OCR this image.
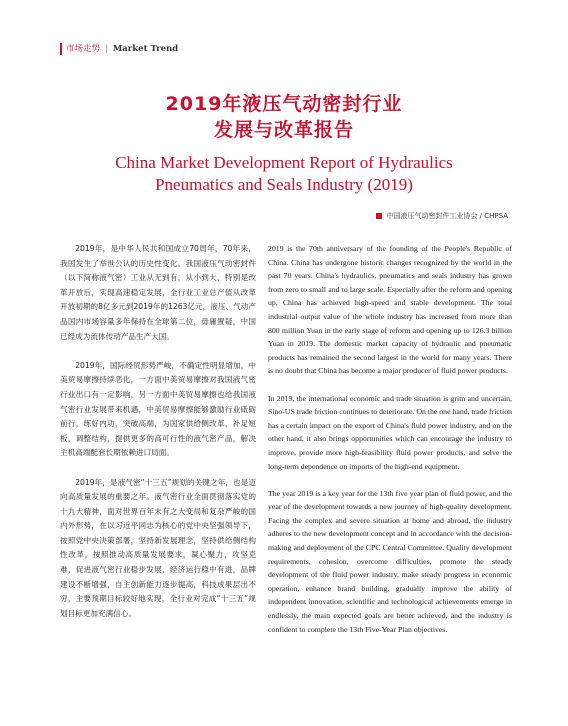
市场走势 | Market Trend
2019年液压气动密封行业
发展与改革报告
China Market Development Report of Hydraulics
Pneumatics and Seals Industry (2019)
中国液压气动密封件工业协会 / CHPSA

2019年，是中华人民共和国成立70周年，70年来，我国发生了举世公认的历史性变化。我国液压气动密封件（以下简称液气密）工业从无到有，从小到大，特别是改革开放后，实现高速稳定发展，全行业工业总产值从改革开放初期的8亿多元到2019年的1263亿元，液压、气动产品国内市场容量多年保持在全球第二位，毋庸置疑，中国已经成为流体传动产品生产大国。

2019年，国际经贸形势严峻，不确定性明显增加，中美贸易摩擦持续恶化，一方面中美贸易摩擦对我国液气密行业出口有一定影响，另一方面中美贸易摩擦也给我国液气密行业发展带来机遇，中美贸易摩擦能够激励行业砥砺前行，练好内功，突破高端，为国家供给侧改革，补足短板，调整结构，提供更多的高可行性的液气密产品，解决主机高端配套长期依赖进口局面。

2019年，是液气密“十三五”规划的关键之年，也是迈向高质量发展的重要之年。液气密行业全面贯彻落实党的十九大精神，面对世界百年未有之大变局和复杂严峻的国内外形势，在以习近平同志为核心的党中央坚强领导下，按照党中央决策部署，坚持新发展理念，坚持供给侧结构性改革，按照推动高质量发展要求，凝心聚力，攻坚克难，促进液气密行业稳步发展，经济运行稳中有进，品牌建设不断增强，自主创新能力逐步提高，科技成果层出不穷，主要预期目标较好地实现，全行业对完成“十三五”规划目标更加充满信心。

2019 is the 70th anniversary of the founding of the People's Republic of China. China has undergone historic changes recognized by the world in the past 70 years. China's hydraulics, pneumatics and seals industry has grown from zero to small and to large scale. Especially after the reform and opening up, China has achieved high-speed and stable development. The total industrial output value of the whole industry has increased from more than 800 million Yuan in the early stage of reform and opening up to 126.3 billion Yuan in 2019. The domestic market capacity of hydraulic and pneumatic products has remained the second largest in the world for many years. There is no doubt that China has become a major producer of fluid power products.

In 2019, the international economic and trade situation is grim and uncertain, Sino-US trade friction continues to deteriorate. On the one hand, trade friction has a certain impact on the export of China's fluid power industry, and on the other hand, it also brings opportunities which can encourage the industry to improve, provide more high-feasibility fluid power products, and solve the long-term dependence on imports of the high-end equipment.

The year 2019 is a key year for the 13th five year plan of fluid power, and the year of the development towards a new journey of high-quality development. Facing the complex and severe situation at home and abroad, the industry adheres to the new development concept and in accordance with the decision-making and deployment of the CPC Central Committee. Quality development requirements, cohesion, overcome difficulties, promote the steady development of the fluid power industry, make steady progress in economic operation, enhance brand building, gradually improve the ability of independent innovation, scientific and technological achievements emerge in endlessly, the main expected goals are better achieved, and the industry is confident to complete the 13th Five-Year Plan objectives.
